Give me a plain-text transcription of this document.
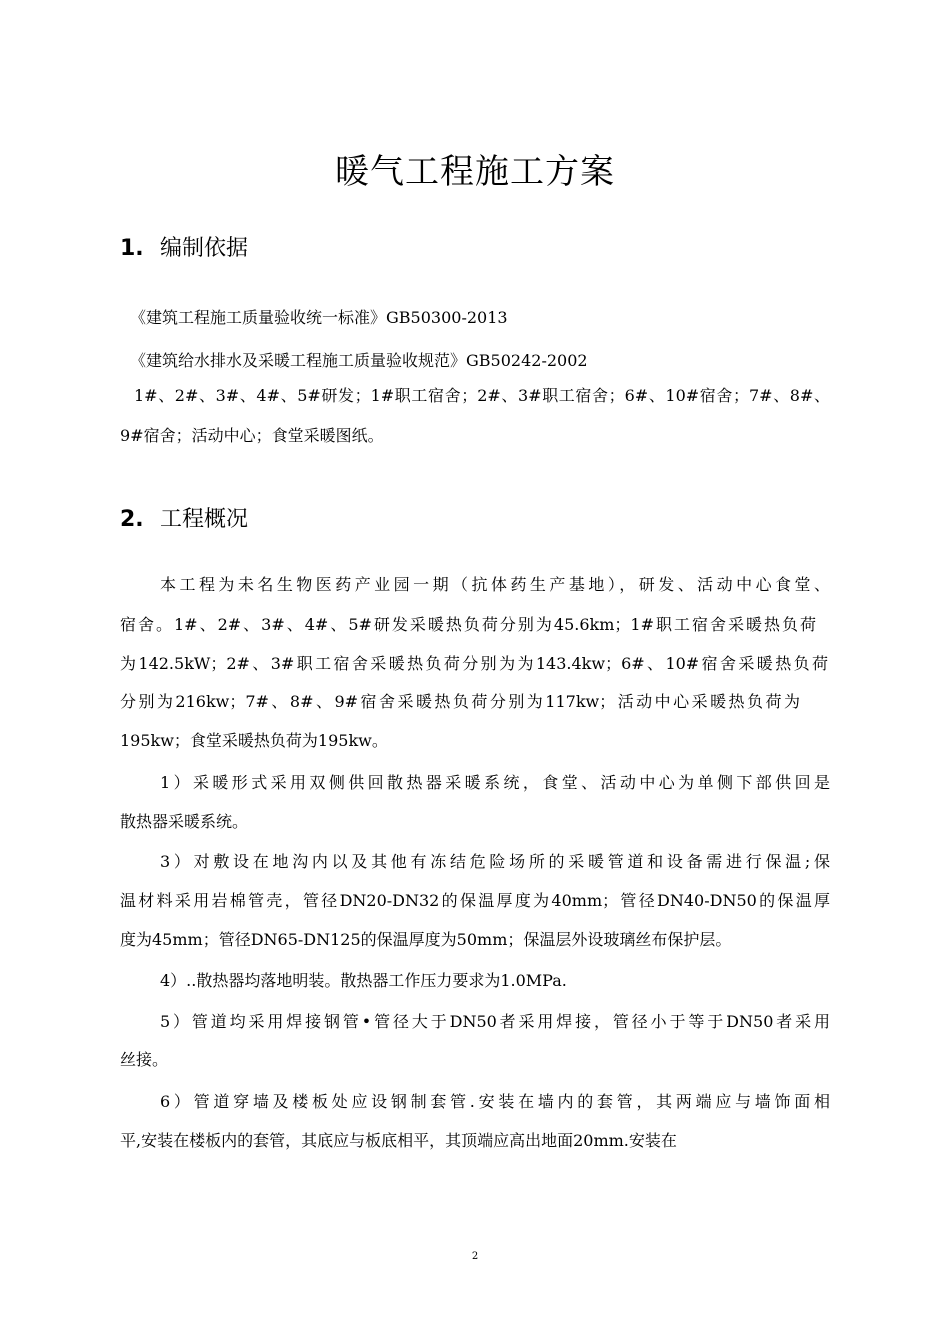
暖气工程施工方案
1. 编制依据
《建筑工程施工质量验收统一标准》GB50300-2013
《建筑给水排水及采暖工程施工质量验收规范》GB50242-2002
1#、2#、3#、4#、5#研发；1#职工宿舍；2#、3#职工宿舍；6#、10#宿舍；7#、8#、
9#宿舍；活动中心；食堂采暖图纸。
2. 工程概况
本工程为未名生物医药产业园一期（抗体药生产基地），研发、活动中心食堂、
宿舍。1#、2#、3#、4#、5#研发采暖热负荷分别为45.6km；1#职工宿舍采暖热负荷
为142.5kW；2#、3#职工宿舍采暖热负荷分别为为143.4kw；6#、10#宿舍采暖热负荷
分别为216kw；7#、8#、9#宿舍采暖热负荷分别为117kw；活动中心采暖热负荷为
195kw；食堂采暖热负荷为195kw。
1）采暖形式采用双侧供回散热器采暖系统，食堂、活动中心为单侧下部供回是
散热器采暖系统。
3）对敷设在地沟内以及其他有冻结危险场所的采暖管道和设备需进行保温;保
温材料采用岩棉管壳，管径DN20-DN32的保温厚度为40mm；管径DN40-DN50的保温厚
度为45mm；管径DN65-DN125的保温厚度为50mm；保温层外设玻璃丝布保护层。
4）..散热器均落地明装。散热器工作压力要求为1.0MPa.
5）管道均采用焊接钢管•管径大于DN50者采用焊接，管径小于等于DN50者采用
丝接。
6）管道穿墙及楼板处应设钢制套管.安装在墙内的套管，其两端应与墙饰面相
平,安装在楼板内的套管，其底应与板底相平，其顶端应高出地面20mm.安装在
2
